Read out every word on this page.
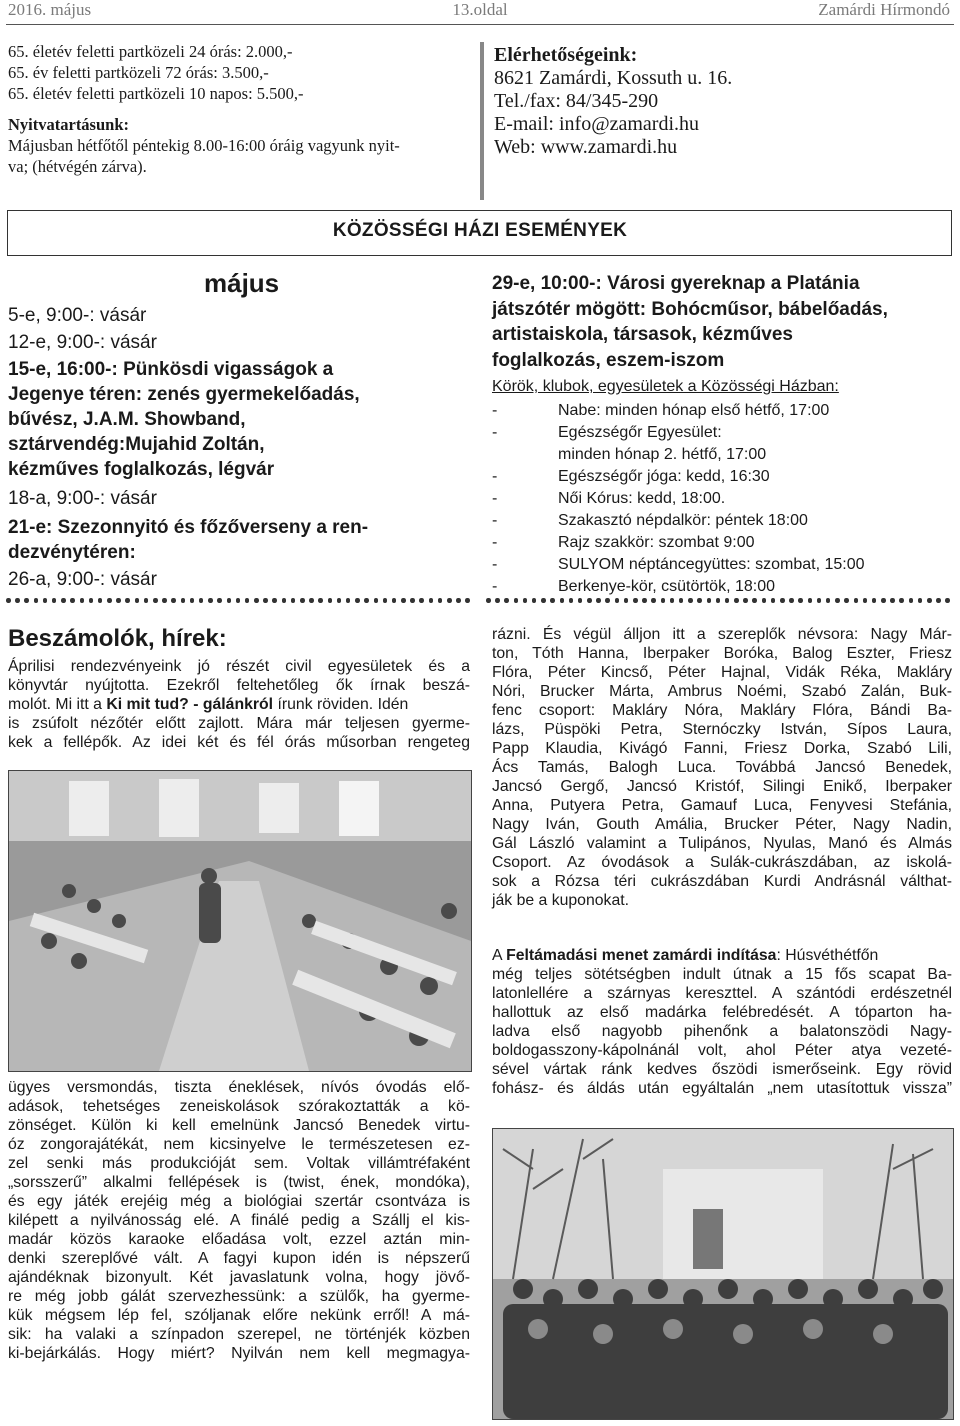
2016. május	13.oldal	Zamárdi Hírmondó
65. életév feletti partközeli 24 órás: 2.000,-
65. év feletti partközeli 72 órás: 3.500,-
65. életév feletti partközeli 10 napos: 5.500,-
Nyitvatartásunk:
Májusban hétfőtől péntekig 8.00-16:00 óráig vagyunk nyit-
va; (hétvégén zárva).
Elérhetőségeink:
8621 Zamárdi, Kossuth u. 16.
Tel./fax: 84/345-290
E-mail: info@zamardi.hu
Web: www.zamardi.hu
KÖZÖSSÉGI HÁZI ESEMÉNYEK
május
5-e, 9:00-: vásár
12-e, 9:00-: vásár
15-e, 16:00-: Pünkösdi vigasságok a
Jegenye téren: zenés gyermekelőadás,
bűvész, J.A.M. Showband,
sztárvendég:Mujahid Zoltán,
kézműves foglalkozás, légvár
18-a, 9:00-: vásár
21-e: Szezonnyitó és főzőverseny a ren-
dezvénytéren:
26-a, 9:00-: vásár
29-e, 10:00-: Városi gyereknap a Platánia
játszótér mögött: Bohócműsor, bábelőadás,
artistaiskola, társasok, kézműves
foglalkozás, eszem-iszom
Körök, klubok, egyesületek a Közösségi Házban:
-	Nabe: minden hónap első hétfő, 17:00
-	Egészségőr Egyesület:
minden hónap 2. hétfő, 17:00
-	Egészségőr jóga: kedd, 16:30
-	Női Kórus: kedd, 18:00.
-	Szakasztó népdalkör: péntek 18:00
-	Rajz szakkör: szombat 9:00
-	SULYOM néptáncegyüttes: szombat, 15:00
-	Berkenye-kör, csütörtök, 18:00
Beszámolók, hírek:
Áprilisi rendezvényeink jó részét civil egyesületek és a
könyvtár nyújtotta. Ezekről feltehetőleg ők írnak beszá-
molót. Mi itt a Ki mit tud? - gálánkról írunk röviden. Idén
is zsúfolt nézőtér előtt zajlott. Mára már teljesen gyerme-
kek a fellépők. Az idei két és fél órás műsorban rengeteg
ügyes versmondás, tiszta éneklések, nívós óvodás elő-
adások, tehetséges zeneiskolások szórakoztatták a kö-
zönséget. Külön ki kell emelnünk Jancsó Benedek virtu-
óz zongorajátékát, nem kicsinyelve le természetesen ez-
zel senki más produkcióját sem. Voltak villámtréfaként
„sorsszerű” alkalmi fellépések is (twist, ének, mondóka),
és egy játék erejéig még a biológiai szertár csontváza is
kilépett a nyilvánosság elé. A finálé pedig a Szállj el kis-
madár közös karaoke előadása volt, ezzel aztán min-
denki szereplővé vált. A fagyi kupon idén is népszerű
ajándéknak bizonyult. Két javaslatunk volna, hogy jövő-
re még jobb gálát szervezhessünk: a szülők, ha gyerme-
kük mégsem lép fel, szóljanak előre nekünk erről! A má-
sik: ha valaki a színpadon szerepel, ne történjék közben
ki-bejárkálás. Hogy miért? Nyilván nem kell megmagya-
rázni. És végül álljon itt a szereplők névsora: Nagy Már-
ton, Tóth Hanna, Iberpaker Boróka, Balog Eszter, Friesz
Flóra, Péter Kincső, Péter Hajnal, Vidák Réka, Makláry
Nóri, Brucker Márta, Ambrus Noémi, Szabó Zalán, Buk-
fenc csoport: Makláry Nóra, Makláry Flóra, Bándi Ba-
lázs, Püspöki Petra, Sternóczky István, Sípos Laura,
Papp Klaudia, Kivágó Fanni, Friesz Dorka, Szabó Lili,
Ács Tamás, Balogh Luca. Továbbá Jancsó Benedek,
Jancsó Gergő, Jancsó Kristóf, Silingi Enikő, Iberpaker
Anna, Putyera Petra, Gamauf Luca, Fenyvesi Stefánia,
Nagy Iván, Gouth Amália, Brucker Péter, Nagy Nadin,
Gál László valamint a Tulipános, Nyulas, Manó és Almás
Csoport. Az óvodások a Sulák-cukrászdában, az iskolá-
sok a Rózsa téri cukrászdában Kurdi Andrásnál válthat-
ják be a kuponokat.
A Feltámadási menet zamárdi indítása: Húsvéthétfőn
még teljes sötétségben indult útnak a 15 fős scapat Ba-
latonlellére a szárnyas kereszttel. A szántódi erdészetnél
hallottuk az első madárka felébredését. A tóparton ha-
ladva első nagyobb pihenőnk a balatonszödi Nagy-
boldogasszony-kápolnánál volt, ahol Péter atya vezeté-
sével vártak ránk kedves őszödi ismerőseink. Egy rövid
fohász- és áldás után egyáltalán „nem utasítottuk vissza”
